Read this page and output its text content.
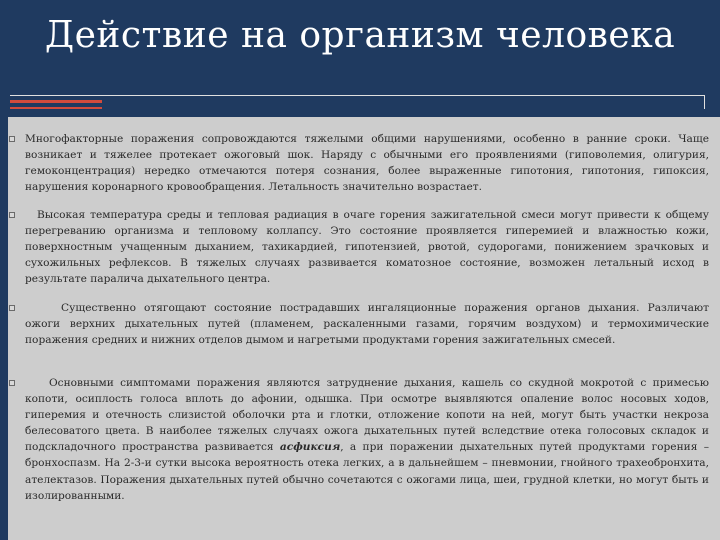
Действие на организм человека

Многофакторные поражения сопровождаются тяжелыми общими нарушениями, особенно в ранние сроки. Чаще возникает и тяжелее протекает ожоговый шок. Наряду с обычными его проявлениями (гиповолемия, олигурия, гемоконцентрация) нередко отмечаются потеря сознания, более выраженные гипотония, гипотония, гипоксия, нарушения коронарного кровообращения. Летальность значительно возрастает.

Высокая температура среды и тепловая радиация в очаге горения зажигательной смеси могут привести к общему перегреванию организма и тепловому коллапсу. Это состояние проявляется гиперемией и влажностью кожи, поверхностным учащенным дыханием, тахикардией, гипотензией, рвотой, судорогами, понижением зрачковых и сухожильных рефлексов. В тяжелых случаях развивается коматозное состояние, возможен летальный исход в результате паралича дыхательного центра.

Существенно отягощают состояние пострадавших ингаляционные поражения органов дыхания. Различают ожоги верхних дыхательных путей (пламенем, раскаленными газами, горячим воздухом) и термохимические поражения средних и нижних отделов дымом и нагретыми продуктами горения зажигательных смесей.

Основными симптомами поражения являются затруднение дыхания, кашель со скудной мокротой с примесью копоти, осиплость голоса вплоть до афонии, одышка. При осмотре выявляются опаление волос носовых ходов, гиперемия и отечность слизистой оболочки рта и глотки, отложение копоти на ней, могут быть участки некроза белесоватого цвета. В наиболее тяжелых случаях ожога дыхательных путей вследствие отека голосовых складок и подскладочного пространства развивается асфиксия, а при поражении дыхательных путей продуктами горения – бронхоспазм. На 2-3-и сутки высока вероятность отека легких, а в дальнейшем – пневмонии, гнойного трахеобронхита, ателектазов. Поражения дыхательных путей обычно сочетаются с ожогами лица, шеи, грудной клетки, но могут быть и изолированными.
